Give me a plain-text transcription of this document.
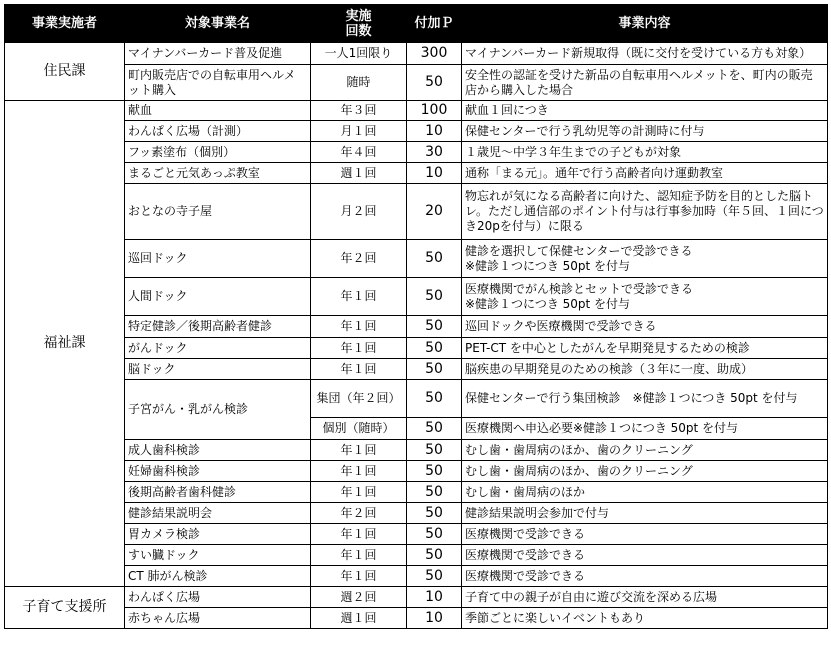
事業実施者	対象事業名	実施
回数	付加Ｐ	事業内容
住民課	マイナンバーカード普及促進	一人1回限り	300	マイナンバーカード新規取得（既に交付を受けている方も対象）
	町内販売店での自転車用ヘルメット購入	随時	50	安全性の認証を受けた新品の自転車用ヘルメットを、町内の販売店から購入した場合
福祉課	献血	年３回	100	献血１回につき
	わんぱく広場（計測）	月１回	10	保健センターで行う乳幼児等の計測時に付与
	フッ素塗布（個別）	年４回	30	１歳児～中学３年生までの子どもが対象
	まるごと元気あっぷ教室	週１回	10	通称「まる元」。通年で行う高齢者向け運動教室
	おとなの寺子屋	月２回	20	物忘れが気になる高齢者に向けた、認知症予防を目的とした脳トレ。ただし通信部のポイント付与は行事参加時（年５回、１回につき20pを付与）に限る
	巡回ドック	年２回	50	健診を選択して保健センターで受診できる
※健診１つにつき 50pt を付与
	人間ドック	年１回	50	医療機関でがん検診とセットで受診できる
※健診１つにつき 50pt を付与
	特定健診／後期高齢者健診	年１回	50	巡回ドックや医療機関で受診できる
	がんドック	年１回	50	PET-CT を中心としたがんを早期発見するための検診
	脳ドック	年１回	50	脳疾患の早期発見のための検診（３年に一度、助成）
	子宮がん・乳がん検診	集団（年２回）	50	保健センターで行う集団検診　※健診１つにつき 50pt を付与
		個別（随時）	50	医療機関へ申込必要※健診１つにつき 50pt を付与
	成人歯科検診	年１回	50	むし歯・歯周病のほか、歯のクリーニング
	妊婦歯科検診	年１回	50	むし歯・歯周病のほか、歯のクリーニング
	後期高齢者歯科健診	年１回	50	むし歯・歯周病のほか
	健診結果説明会	年２回	50	健診結果説明会参加で付与
	胃カメラ検診	年１回	50	医療機関で受診できる
	すい臓ドック	年１回	50	医療機関で受診できる
	CT 肺がん検診	年１回	50	医療機関で受診できる
子育て支援所	わんぱく広場	週２回	10	子育て中の親子が自由に遊び交流を深める広場
	赤ちゃん広場	週１回	10	季節ごとに楽しいイベントもあり
